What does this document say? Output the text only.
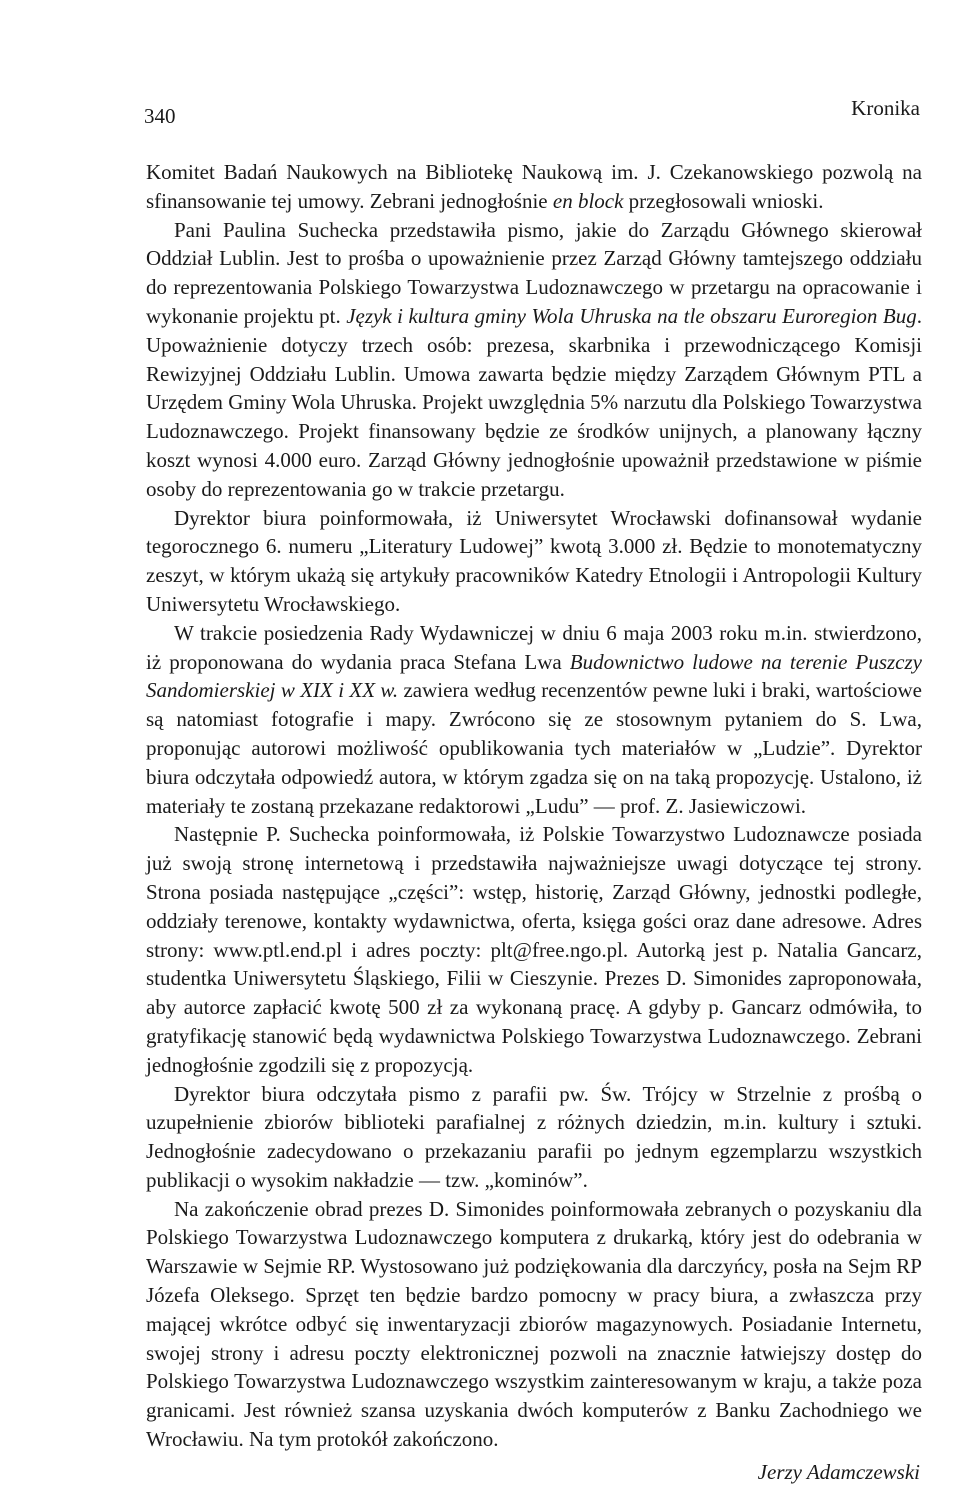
340	Kronika

Komitet Badań Naukowych na Bibliotekę Naukową im. J. Czekanowskiego pozwolą na sfinansowanie tej umowy. Zebrani jednogłośnie en block przegłosowali wnioski.

Pani Paulina Suchecka przedstawiła pismo, jakie do Zarządu Głównego skierował Oddział Lublin. Jest to prośba o upoważnienie przez Zarząd Główny tamtejszego oddziału do reprezentowania Polskiego Towarzystwa Ludoznawczego w przetargu na opracowanie i wykonanie projektu pt. Język i kultura gminy Wola Uhruska na tle obszaru Euroregion Bug. Upoważnienie dotyczy trzech osób: prezesa, skarbnika i przewodniczącego Komisji Rewizyjnej Oddziału Lublin. Umowa zawarta będzie między Zarządem Głównym PTL a Urzędem Gminy Wola Uhruska. Projekt uwzględnia 5% narzutu dla Polskiego Towarzystwa Ludoznawczego. Projekt finansowany będzie ze środków unijnych, a planowany łączny koszt wynosi 4.000 euro. Zarząd Główny jednogłośnie upoważnił przedstawione w piśmie osoby do reprezentowania go w trakcie przetargu.

Dyrektor biura poinformowała, iż Uniwersytet Wrocławski dofinansował wydanie tegorocznego 6. numeru „Literatury Ludowej” kwotą 3.000 zł. Będzie to monotematyczny zeszyt, w którym ukażą się artykuły pracowników Katedry Etnologii i Antropologii Kultury Uniwersytetu Wrocławskiego.

W trakcie posiedzenia Rady Wydawniczej w dniu 6 maja 2003 roku m.in. stwierdzono, iż proponowana do wydania praca Stefana Lwa Budownictwo ludowe na terenie Puszczy Sandomierskiej w XIX i XX w. zawiera według recenzentów pewne luki i braki, wartościowe są natomiast fotografie i mapy. Zwrócono się ze stosownym pytaniem do S. Lwa, proponując autorowi możliwość opublikowania tych materiałów w „Ludzie”. Dyrektor biura odczytała odpowiedź autora, w którym zgadza się on na taką propozycję. Ustalono, iż materiały te zostaną przekazane redaktorowi „Ludu” — prof. Z. Jasiewiczowi.

Następnie P. Suchecka poinformowała, iż Polskie Towarzystwo Ludoznawcze posiada już swoją stronę internetową i przedstawiła najważniejsze uwagi dotyczące tej strony. Strona posiada następujące „części”: wstęp, historię, Zarząd Główny, jednostki podległe, oddziały terenowe, kontakty wydawnictwa, oferta, księga gości oraz dane adresowe. Adres strony: www.ptl.end.pl i adres poczty: plt@free.ngo.pl. Autorką jest p. Natalia Gancarz, studentka Uniwersytetu Śląskiego, Filii w Cieszynie. Prezes D. Simonides zaproponowała, aby autorce zapłacić kwotę 500 zł za wykonaną pracę. A gdyby p. Gancarz odmówiła, to gratyfikację stanowić będą wydawnictwa Polskiego Towarzystwa Ludoznawczego. Zebrani jednogłośnie zgodzili się z propozycją.

Dyrektor biura odczytała pismo z parafii pw. Św. Trójcy w Strzelnie z prośbą o uzupełnienie zbiorów biblioteki parafialnej z różnych dziedzin, m.in. kultury i sztuki. Jednogłośnie zadecydowano o przekazaniu parafii po jednym egzemplarzu wszystkich publikacji o wysokim nakładzie — tzw. „kominów”.

Na zakończenie obrad prezes D. Simonides poinformowała zebranych o pozyskaniu dla Polskiego Towarzystwa Ludoznawczego komputera z drukarką, który jest do odebrania w Warszawie w Sejmie RP. Wystosowano już podziękowania dla darczyńcy, posła na Sejm RP Józefa Oleksego. Sprzęt ten będzie bardzo pomocny w pracy biura, a zwłaszcza przy mającej wkrótce odbyć się inwentaryzacji zbiorów magazynowych. Posiadanie Internetu, swojej strony i adresu poczty elektronicznej pozwoli na znacznie łatwiejszy dostęp do Polskiego Towarzystwa Ludoznawczego wszystkim zainteresowanym w kraju, a także poza granicami. Jest również szansa uzyskania dwóch komputerów z Banku Zachodniego we Wrocławiu. Na tym protokół zakończono.

Jerzy Adamczewski
